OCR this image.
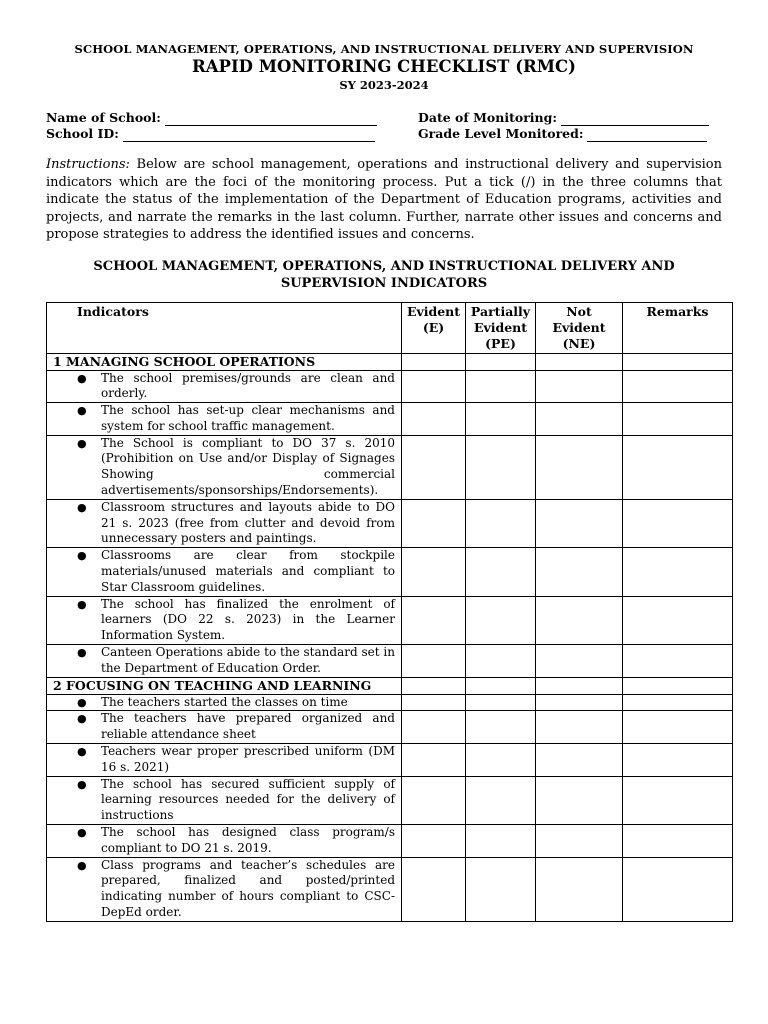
SCHOOL MANAGEMENT, OPERATIONS, AND INSTRUCTIONAL DELIVERY AND SUPERVISION
RAPID MONITORING CHECKLIST (RMC)
SY 2023-2024
Name of School:
School ID:
Date of Monitoring:
Grade Level Monitored:

Instructions: Below are school management, operations and instructional delivery and supervision indicators which are the foci of the monitoring process. Put a tick (/) in the three columns that indicate the status of the implementation of the Department of Education programs, activities and projects, and narrate the remarks in the last column. Further, narrate other issues and concerns and propose strategies to address the identified issues and concerns.

SCHOOL MANAGEMENT, OPERATIONS, AND INSTRUCTIONAL DELIVERY AND SUPERVISION INDICATORS
Indicators	Evident (E)	Partially Evident (PE)	Not Evident (NE)	Remarks
1 MANAGING SCHOOL OPERATIONS				

● The school premises/grounds are clean and orderly.				

● The school has set-up clear mechanisms and system for school traffic management.				

● The School is compliant to DO 37 s. 2010 (Prohibition on Use and/or Display of Signages Showing commercial advertisements/sponsorships/Endorsements).				

● Classroom structures and layouts abide to DO 21 s. 2023 (free from clutter and devoid from unnecessary posters and paintings.				

● Classrooms are clear from stockpile materials/unused materials and compliant to Star Classroom guidelines.				

● The school has finalized the enrolment of learners (DO 22 s. 2023) in the Learner Information System.				

● Canteen Operations abide to the standard set in the Department of Education Order.				

2 FOCUSING ON TEACHING AND LEARNING				

● The teachers started the classes on time				

● The teachers have prepared organized and reliable attendance sheet				

● Teachers wear proper prescribed uniform (DM 16 s. 2021)				

● The school has secured sufficient supply of learning resources needed for the delivery of instructions				

● The school has designed class program/s compliant to DO 21 s. 2019.				

● Class programs and teacher’s schedules are prepared, finalized and posted/printed indicating number of hours compliant to CSC-DepEd order.				
